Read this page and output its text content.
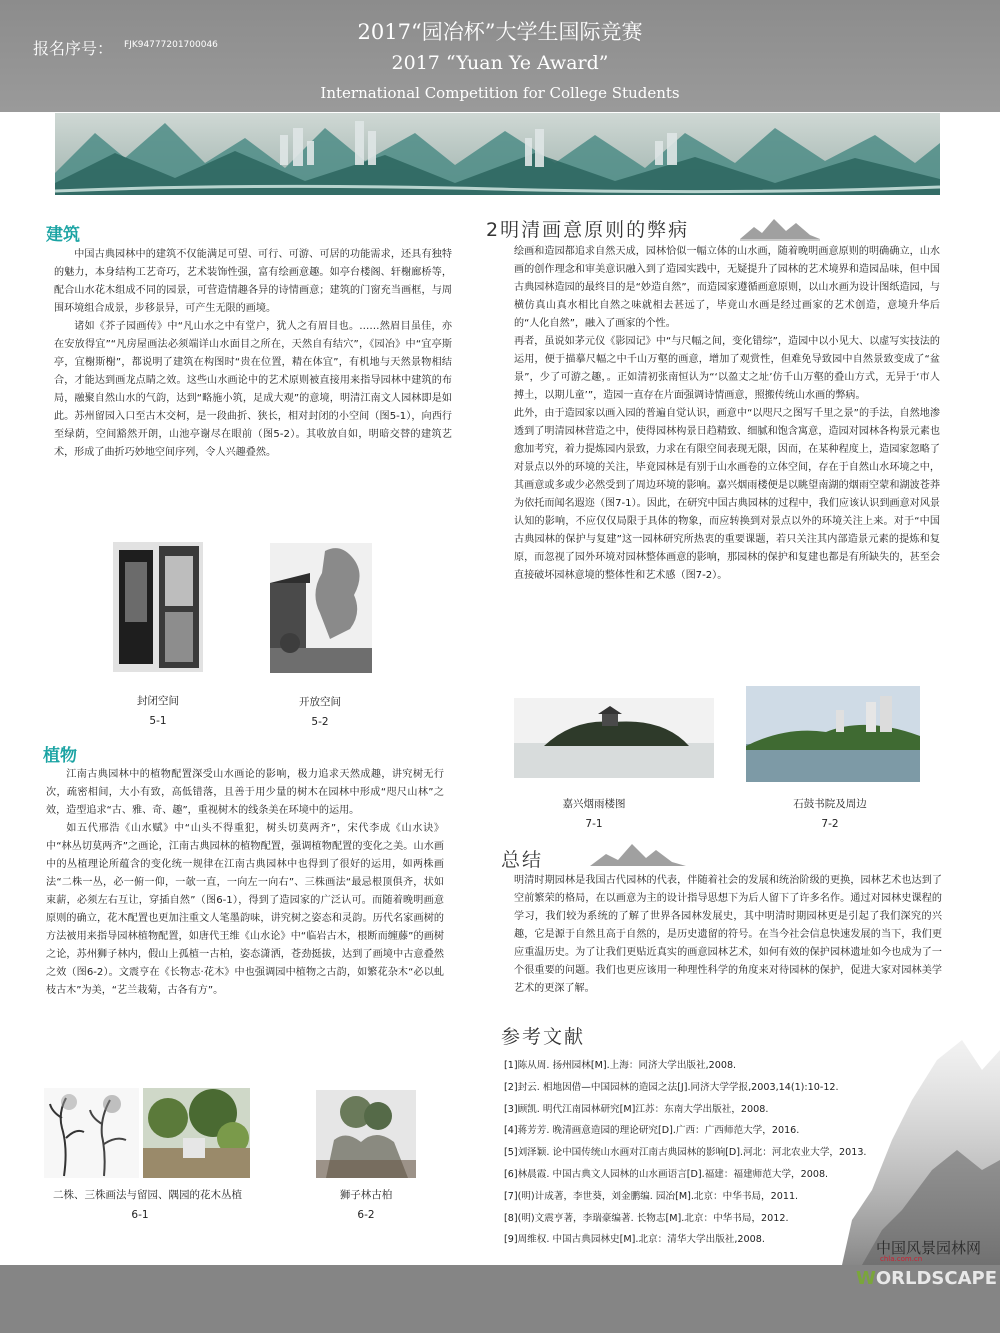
报名序号： FJK94777201700046
2017“园冶杯”大学生国际竞赛
2017 “Yuan Ye Award”
International Competition for College Students
建筑

中国古典园林中的建筑不仅能满足可望、可行、可游、可居的功能需求，还具有独特的魅力，本身结构工艺奇巧，艺术装饰性强，富有绘画意趣。如亭台楼阁、轩榭廊桥等，配合山水花木组成不同的园景，可营造情趣各异的诗情画意；建筑的门窗充当画框，与周围环境组合成景，步移景异，可产生无限的画境。

诸如《芥子园画传》中“凡山水之中有堂户，犹人之有眉目也。……然眉目虽佳，亦在安放得宜”“凡房屋画法必须端详山水面目之所在，天然自有结穴”，《园冶》中“宜亭斯亭，宜榭斯榭”，都说明了建筑在构图时“贵在位置，精在体宜”，有机地与天然景物相结合，才能达到画龙点睛之效。这些山水画论中的艺术原则被直接用来指导园林中建筑的布局，融聚自然山水的气韵，达到“略施小筑，足成大观”的意境，明清江南文人园林即是如此。苏州留园入口至古木交柯，是一段曲折、狭长，相对封闭的小空间（图5-1），向西行至绿荫，空间豁然开朗，山池亭谢尽在眼前（图5-2）。其收放自如，明暗交替的建筑艺术，形成了曲折巧妙地空间序列，令人兴趣叠然。

封闭空间
5-1
开放空间
5-2
植物

江南古典园林中的植物配置深受山水画论的影响，极力追求天然成趣，讲究树无行次，疏密相间，大小有致，高低错落，且善于用少量的树木在园林中形成“咫尺山林”之效，造型追求“古、雅、奇、趣”，重视树木的线条美在环境中的运用。

如五代邢浩《山水赋》中“山头不得重犯，树头切莫两齐”，宋代李成《山水诀》中“林丛切莫两齐”之画论，江南古典园林的植物配置，强调植物配置的变化之美。山水画中的丛植理论所蕴含的变化统一规律在江南古典园林中也得到了很好的运用，如两株画法“二株一丛，必一俯一仰，一欹一直，一向左一向右”、三株画法“最忌根顶俱齐，状如束薪，必须左右互让，穿插自然”（图6-1），得到了造园家的广泛认可。而随着晚明画意原则的确立，花木配置也更加注重文人笔墨韵味，讲究树之姿态和灵韵。历代名家画树的方法被用来指导园林植物配置，如唐代王维《山水论》中“临岩古木，根断而缠藤”的画树之论，苏州狮子林内，假山上孤植一古柏，姿态潇洒，苍劲挺拔，达到了画境中古意叠然之效（图6-2）。文震亨在《长物志·花木》中也强调园中植物之古韵，如繁花杂木“必以虬枝古木”为美，“艺兰栽菊，古各有方”。

二株、三株画法与留园、隅园的花木丛植
6-1
狮子林古柏
6-2
2明清画意原则的弊病

绘画和造园都追求自然天成，园林恰似一幅立体的山水画，随着晚明画意原则的明确确立，山水画的创作理念和审美意识融入到了造园实践中，无疑提升了园林的艺术境界和造园品味，但中国古典园林造园的最终目的是“妙造自然”，而造园家遵循画意原则，以山水画为设计图纸造园，与横仿真山真水相比自然之味就相去甚远了，毕竟山水画是经过画家的艺术创造，意境升华后的“人化自然”，融入了画家的个性。

再者，虽说如茅元仪《影园记》中“与尺幅之间，变化错综”，造园中以小见大、以虚写实技法的运用，便于描摹尺幅之中千山万壑的画意，增加了观赏性，但难免导致园中自然景致变成了“盆景”，少了可游之趣，。正如清初张南恒认为“‘以盈丈之址’仿千山万壑的叠山方式，无异于‘市人搏土，以期儿童’”，造园一直存在片面强调诗情画意，照搬传统山水画的弊病。

此外，由于造园家以画入园的普遍自觉认识，画意中“以咫尺之图写千里之景”的手法，自然地渗透到了明清园林营造之中，使得园林构景日趋精致、细腻和饱含寓意，造园对园林各构景元素也愈加考究，着力提炼园内景致，力求在有限空间表现无限，因而，在某种程度上，造园家忽略了对景点以外的环境的关注，毕竟园林是有别于山水画卷的立体空间，存在于自然山水环境之中，其画意或多或少必然受到了周边环境的影响。嘉兴烟雨楼便是以眺望南湖的烟雨空蒙和湖波苍莽为依托而闻名遐迩（图7-1）。因此，在研究中国古典园林的过程中，我们应该认识到画意对风景认知的影响，不应仅仅局限于具体的物象，而应转换到对景点以外的环境关注上来。对于“中国古典园林的保护与复建”这一园林研究所热衷的重要课题，若只关注其内部造景元素的提炼和复原，而忽视了园外环境对园林整体画意的影响，那园林的保护和复建也都是有所缺失的，甚至会直接破坏园林意境的整体性和艺术感（图7-2）。

嘉兴烟雨楼图
7-1
石鼓书院及周边
7-2
总结

明清时期园林是我国古代园林的代表，伴随着社会的发展和统治阶级的更换，园林艺术也达到了空前繁荣的格局，在以画意为主的设计指导思想下为后人留下了许多名作。通过对园林史课程的学习，我们较为系统的了解了世界各园林发展史，其中明清时期园林更是引起了我们深究的兴趣，它是源于自然且高于自然的，是历史遗留的符号。在当今社会信息快速发展的当下，我们更应重温历史。为了让我们更贴近真实的画意园林艺术，如何有效的保护园林遗址如今也成为了一个很重要的问题。我们也更应该用一种理性科学的角度来对待园林的保护，促进大家对园林美学艺术的更深了解。

参考文献
[1]陈从周. 扬州园林[M].上海：同济大学出版社,2008.
[2]封云. 相地因借—中国园林的造园之法[J].同济大学学报,2003,14(1):10-12.
[3]顾凯. 明代江南园林研究[M]江苏：东南大学出版社，2008.
[4]蒋芳芳. 晚清画意造园的理论研究[D].广西：广西师范大学，2016.
[5]刘泽颖. 论中国传统山水画对江南古典园林的影响[D].河北：河北农业大学，2013.
[6]林晨霞. 中国古典文人园林的山水画语言[D].福建：福建师范大学，2008.
[7](明)计成著，李世葵，刘金鹏编. 园冶[M].北京：中华书局，2011.
[8](明)文震亨著，李瑞豪编著. 长物志[M].北京：中华书局，2012.
[9]周维权. 中国古典园林史[M].北京：清华大学出版社,2008.	中国风景园林网
chla.com.cn
WORLDSCAPE
